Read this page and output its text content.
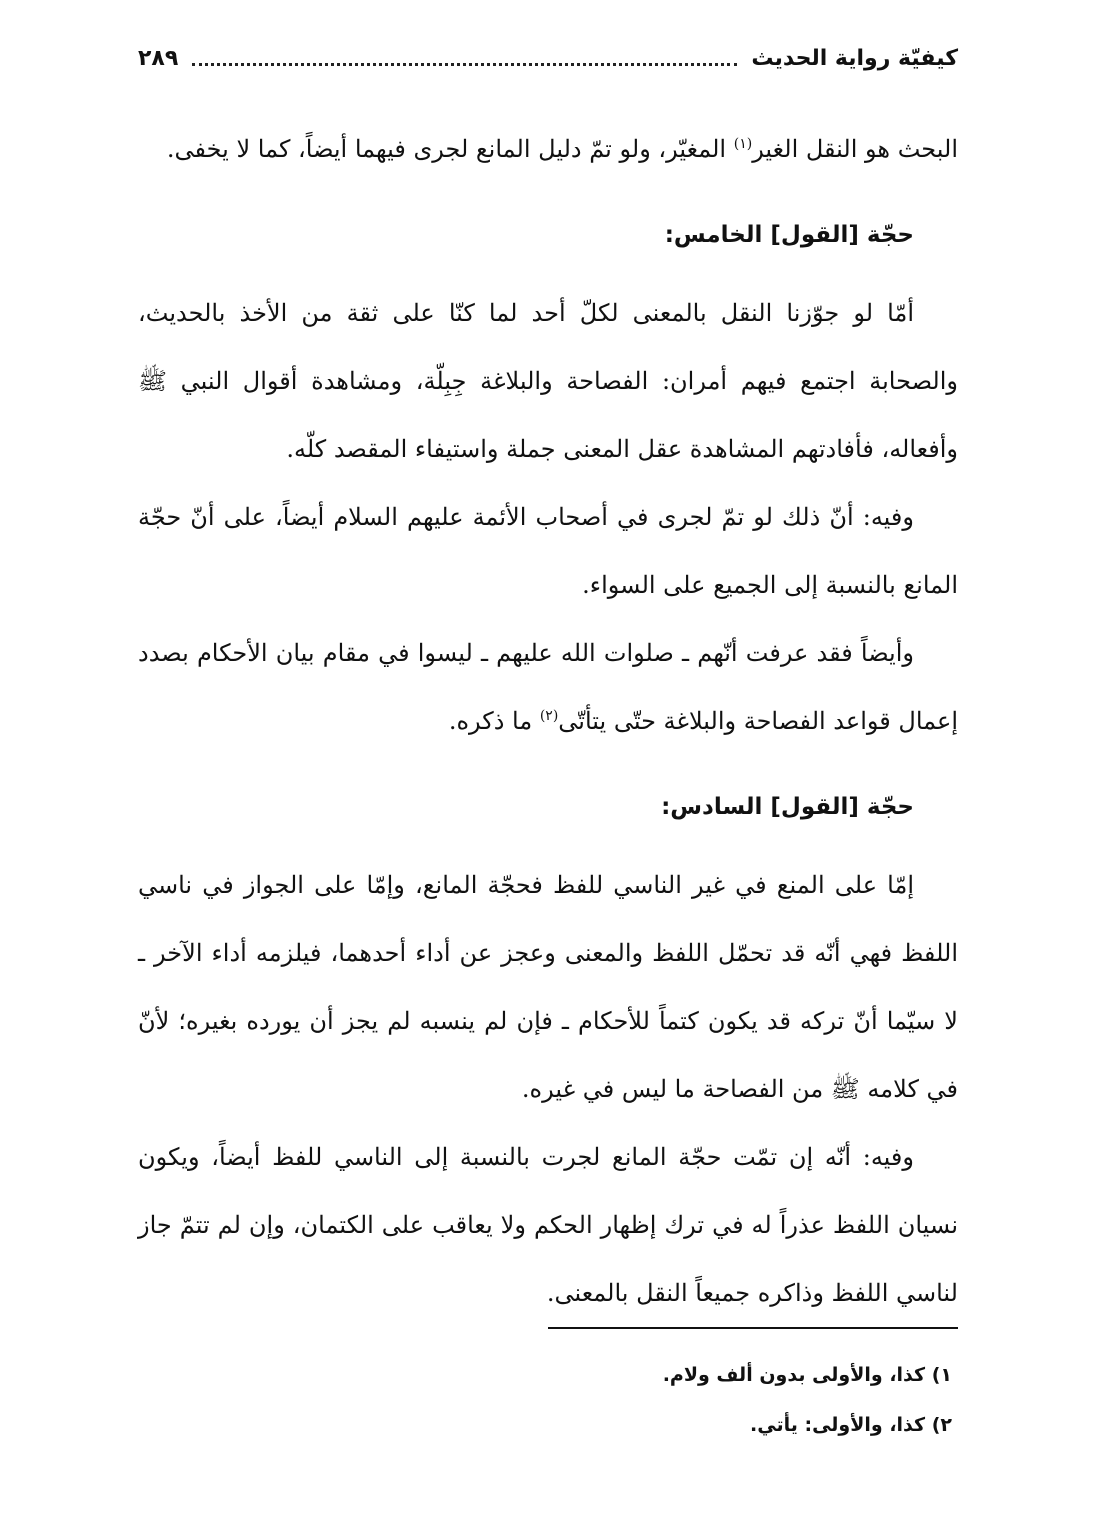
كيفيّة رواية الحديث
٢٨٩

البحث هو النقل الغير$^{(١)}$ المغيّر، ولو تمّ دليل المانع لجرى فيهما أيضاً، كما لا يخفى.

حجّة [القول] الخامس:

أمّا لو جوّزنا النقل بالمعنى لكلّ أحد لما كنّا على ثقة من الأخذ بالحديث، والصحابة اجتمع فيهم أمران: الفصاحة والبلاغة جِبِلّة، ومشاهدة أقوال النبي ﷺ وأفعاله، فأفادتهم المشاهدة عقل المعنى جملة واستيفاء المقصد كلّه.

وفيه: أنّ ذلك لو تمّ لجرى في أصحاب الأئمة عليهم السلام أيضاً، على أنّ حجّة المانع بالنسبة إلى الجميع على السواء.

وأيضاً فقد عرفت أنّهم ـ صلوات الله عليهم ـ ليسوا في مقام بيان الأحكام بصدد إعمال قواعد الفصاحة والبلاغة حتّى يتأتّى$^{(٢)}$ ما ذكره.

حجّة [القول] السادس:

إمّا على المنع في غير الناسي للفظ فحجّة المانع، وإمّا على الجواز في ناسي اللفظ فهي أنّه قد تحمّل اللفظ والمعنى وعجز عن أداء أحدهما، فيلزمه أداء الآخر ـ لا سيّما أنّ تركه قد يكون كتماً للأحكام ـ فإن لم ينسبه لم يجز أن يورده بغيره؛ لأنّ في كلامه ﷺ من الفصاحة ما ليس في غيره.

وفيه: أنّه إن تمّت حجّة المانع لجرت بالنسبة إلى الناسي للفظ أيضاً، ويكون نسيان اللفظ عذراً له في ترك إظهار الحكم ولا يعاقب على الكتمان، وإن لم تتمّ جاز لناسي اللفظ وذاكره جميعاً النقل بالمعنى.

١) كذا، والأولى بدون ألف ولام.

٢) كذا، والأولى: يأتي.
